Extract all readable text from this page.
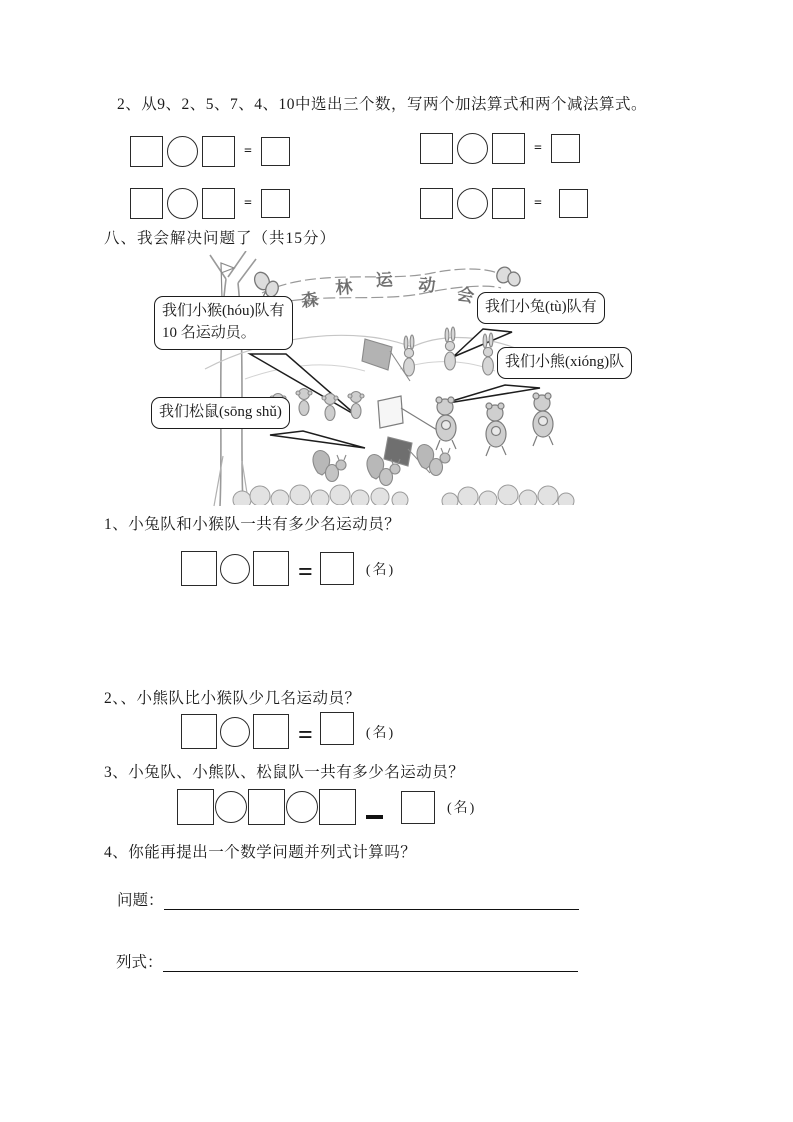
2、从9、2、5、7、4、10中选出三个数，写两个加法算式和两个减法算式。
=
=
=
=
八、我会解决问题了（共15分）
森
林 运 动 会
我们小猴(hóu)队有
10 名运动员。
我们小兔(tù)队有
我们小熊(xióng)队
我们松鼠(sōng shǔ)
1、小兔队和小猴队一共有多少名运动员？
=	(名)
2、、小熊队比小猴队少几名运动员？
=	(名)
3、小兔队、小熊队、松鼠队一共有多少名运动员？
(名)
4、你能再提出一个数学问题并列式计算吗？
问题：
列式：
